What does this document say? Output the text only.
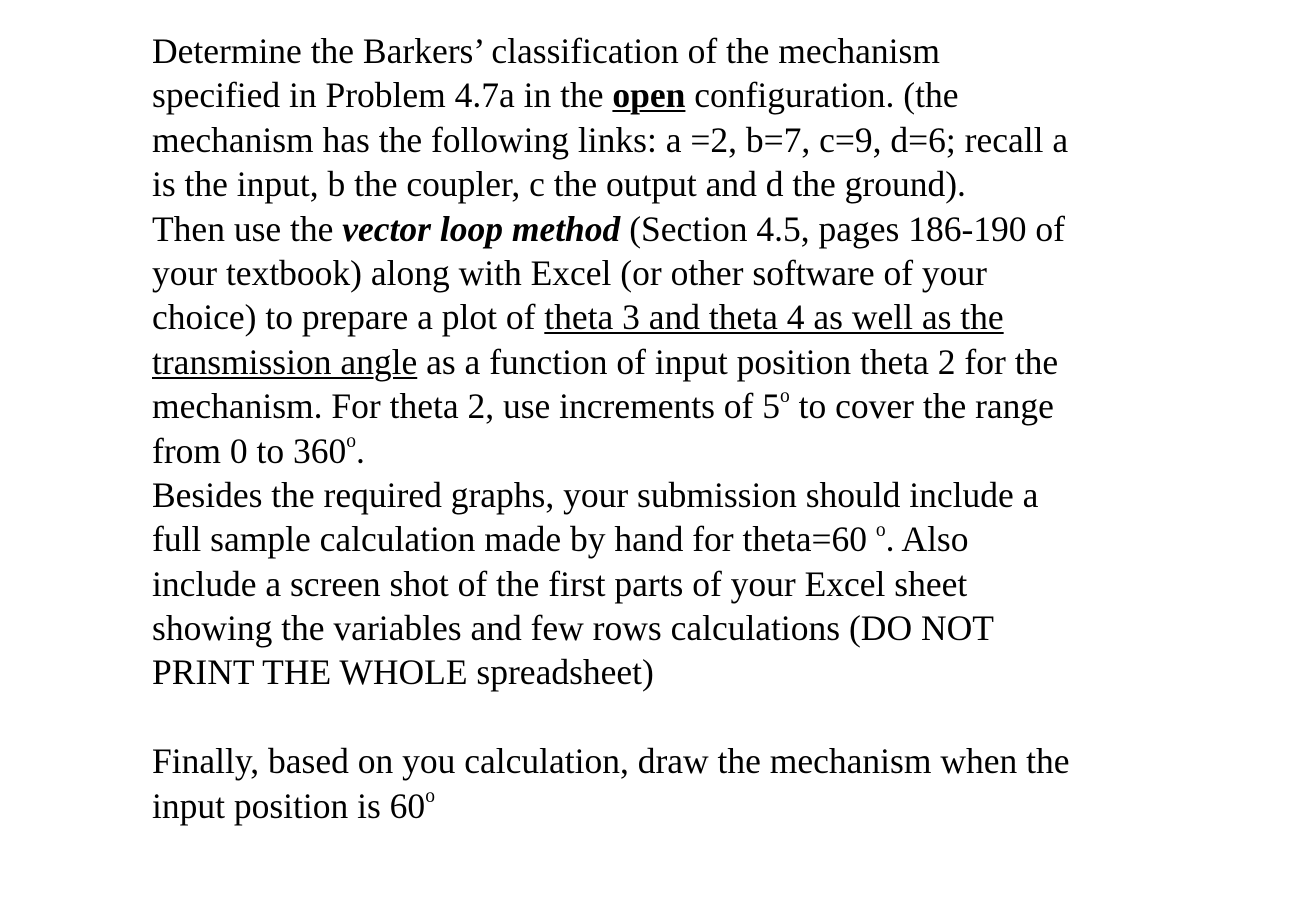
Determine the Barkers’ classification of the mechanism
specified in Problem 4.7a in the open configuration. (the
mechanism has the following links: a =2, b=7, c=9, d=6; recall a
is the input, b the coupler, c the output and d the ground).
Then use the vector loop method (Section 4.5, pages 186-190 of
your textbook) along with Excel (or other software of your
choice) to prepare a plot of theta 3 and theta 4 as well as the
transmission angle as a function of input position theta 2 for the
mechanism. For theta 2, use increments of 5$^o$ to cover the range
from 0 to 360$^o$.
Besides the required graphs, your submission should include a
full sample calculation made by hand for theta=60 $^o$. Also
include a screen shot of the first parts of your Excel sheet
showing the variables and few rows calculations (DO NOT
PRINT THE WHOLE spreadsheet)
Finally, based on you calculation, draw the mechanism when the
input position is 60$^o$
